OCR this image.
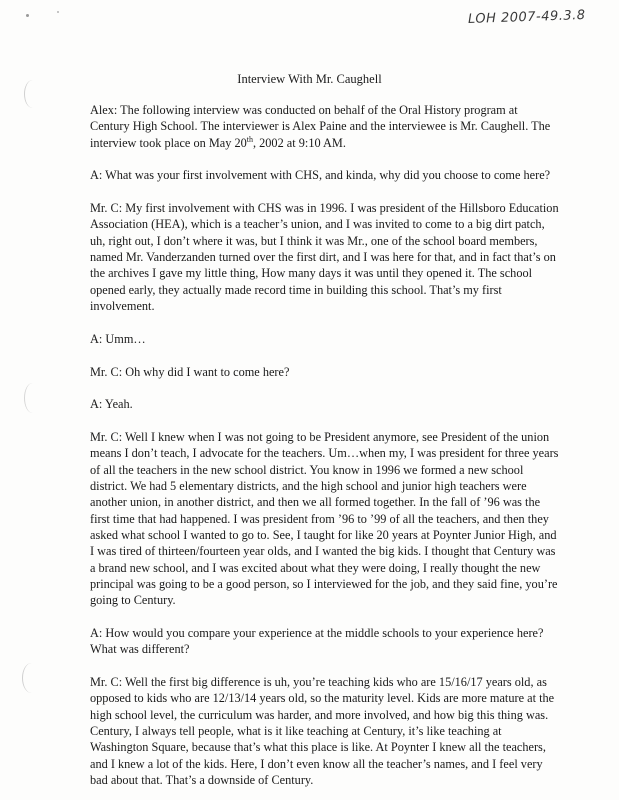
LOH 2007-49.3.8
Interview With Mr. Caughell

Alex: The following interview was conducted on behalf of the Oral History program at Century High School. The interviewer is Alex Paine and the interviewee is Mr. Caughell. The interview took place on May 20th, 2002 at 9:10 AM.

A: What was your first involvement with CHS, and kinda, why did you choose to come here?

Mr. C: My first involvement with CHS was in 1996. I was president of the Hillsboro Education Association (HEA), which is a teacher’s union, and I was invited to come to a big dirt patch, uh, right out, I don’t where it was, but I think it was Mr., one of the school board members, named Mr. Vanderzanden turned over the first dirt, and I was here for that, and in fact that’s on the archives I gave my little thing, How many days it was until they opened it. The school opened early, they actually made record time in building this school. That’s my first involvement.

A: Umm…

Mr. C: Oh why did I want to come here?

A: Yeah.

Mr. C: Well I knew when I was not going to be President anymore, see President of the union means I don’t teach, I advocate for the teachers. Um…when my, I was president for three years of all the teachers in the new school district. You know in 1996 we formed a new school district. We had 5 elementary districts, and the high school and junior high teachers were another union, in another district, and then we all formed together. In the fall of ’96 was the first time that had happened. I was president from ’96 to ’99 of all the teachers, and then they asked what school I wanted to go to. See, I taught for like 20 years at Poynter Junior High, and I was tired of thirteen/fourteen year olds, and I wanted the big kids. I thought that Century was a brand new school, and I was excited about what they were doing, I really thought the new principal was going to be a good person, so I interviewed for the job, and they said fine, you’re going to Century.

A: How would you compare your experience at the middle schools to your experience here? What was different?

Mr. C: Well the first big difference is uh, you’re teaching kids who are 15/16/17 years old, as opposed to kids who are 12/13/14 years old, so the maturity level. Kids are more mature at the high school level, the curriculum was harder, and more involved, and how big this thing was. Century, I always tell people, what is it like teaching at Century, it’s like teaching at Washington Square, because that’s what this place is like. At Poynter I knew all the teachers, and I knew a lot of the kids. Here, I don’t even know all the teacher’s names, and I feel very bad about that. That’s a downside of Century.
